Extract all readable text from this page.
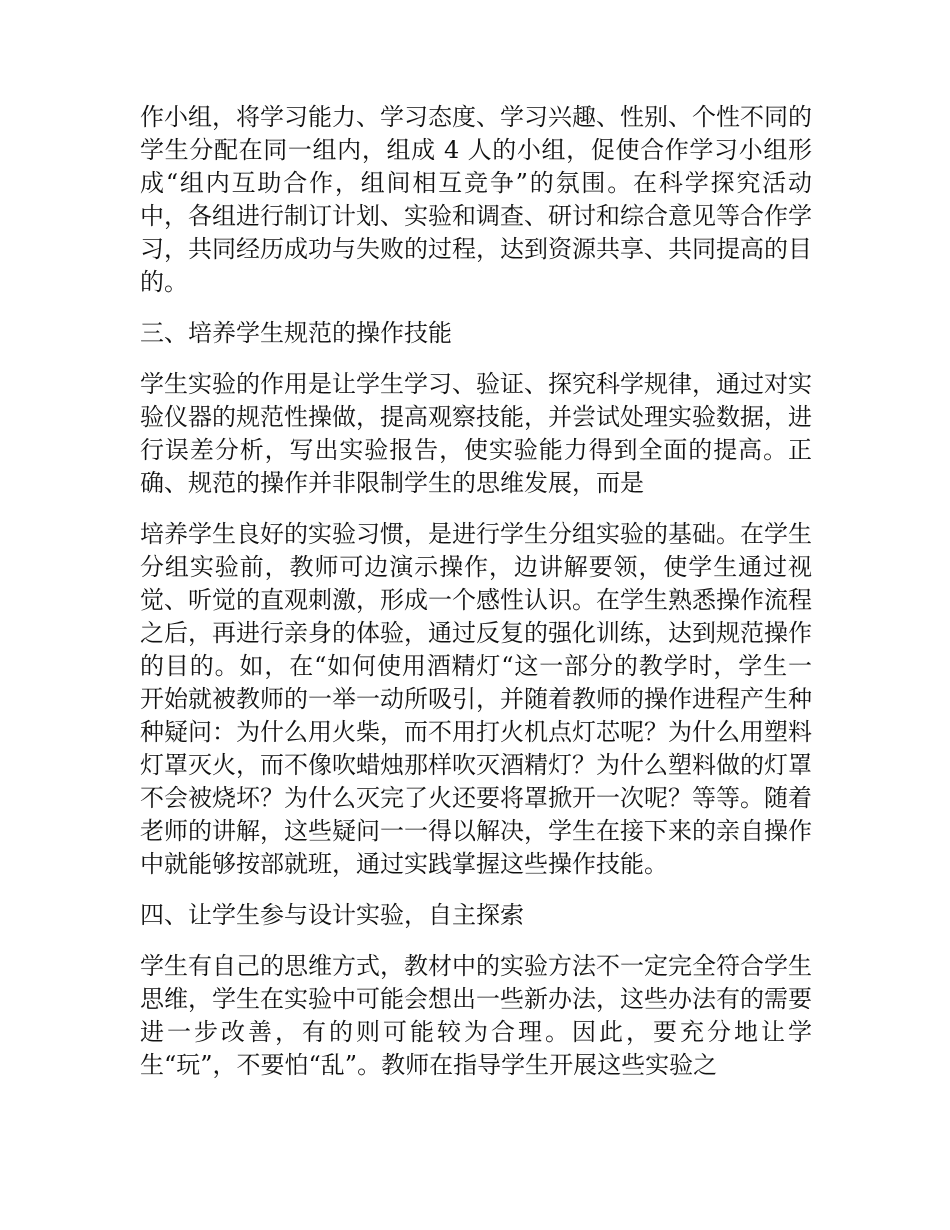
作小组，将学习能力、学习态度、学习兴趣、性别、个性不同的学生分配在同一组内，组成 4 人的小组，促使合作学习小组形成“组内互助合作，组间相互竞争”的氛围。在科学探究活动中，各组进行制订计划、实验和调查、研讨和综合意见等合作学习，共同经历成功与失败的过程，达到资源共享、共同提高的目的。

三、培养学生规范的操作技能

学生实验的作用是让学生学习、验证、探究科学规律，通过对实验仪器的规范性操做，提高观察技能，并尝试处理实验数据，进行误差分析，写出实验报告，使实验能力得到全面的提高。正确、规范的操作并非限制学生的思维发展，而是

培养学生良好的实验习惯，是进行学生分组实验的基础。在学生分组实验前，教师可边演示操作，边讲解要领，使学生通过视觉、听觉的直观刺激，形成一个感性认识。在学生熟悉操作流程之后，再进行亲身的体验，通过反复的强化训练，达到规范操作的目的。如，在“如何使用酒精灯“这一部分的教学时，学生一开始就被教师的一举一动所吸引，并随着教师的操作进程产生种种疑问：为什么用火柴，而不用打火机点灯芯呢？为什么用塑料灯罩灭火，而不像吹蜡烛那样吹灭酒精灯？为什么塑料做的灯罩不会被烧坏？为什么灭完了火还要将罩掀开一次呢？等等。随着老师的讲解，这些疑问一一得以解决，学生在接下来的亲自操作中就能够按部就班，通过实践掌握这些操作技能。

四、让学生参与设计实验，自主探索

学生有自己的思维方式，教材中的实验方法不一定完全符合学生思维，学生在实验中可能会想出一些新办法，这些办法有的需要进一步改善，有的则可能较为合理。因此，要充分地让学生“玩”，不要怕“乱”。教师在指导学生开展这些实验之
